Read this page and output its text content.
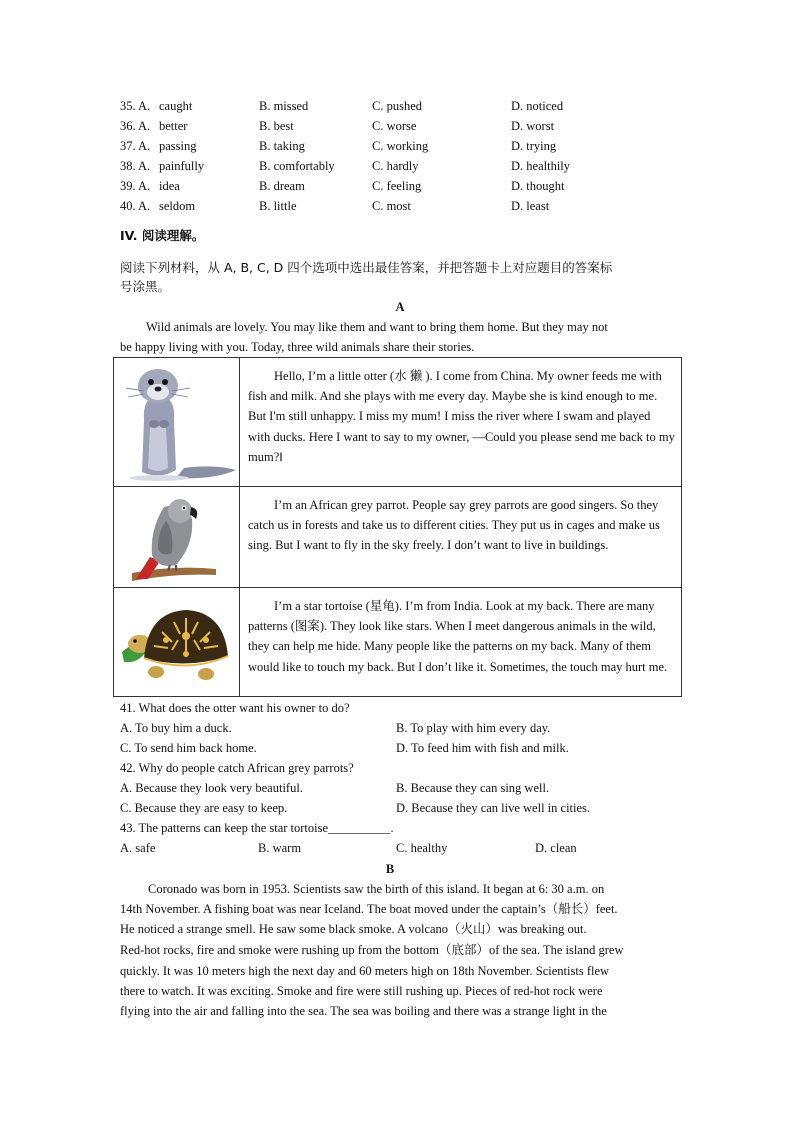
35. A. caught	B. missed	C. pushed	D. noticed
36. A. better	B. best	C. worse	D. worst
37. A. passing	B. taking	C. working	D. trying
38. A. painfully	B. comfortably	C. hardly	D. healthily
39. A. idea	B. dream	C. feeling	D. thought
40. A. seldom	B. little	C. most	D. least
IV. 阅读理解。
阅读下列材料，从 A, B, C, D 四个选项中选出最佳答案，并把答题卡上对应题目的答案标
号涂黑。
A
Wild animals are lovely. You may like them and want to bring them home. But they may not
be happy living with you. Today, three wild animals share their stories.
	Hello, I’m a little otter (水 獭 ). I come from China. My owner feeds me with fish and milk. And she plays with me every day. Maybe she is kind enough to me. But I'm still unhappy. I miss my mum! I miss the river where I swam and played with ducks. Here I want to say to my owner, ―Could you please send me back to my mum?‖

	I’m an African grey parrot. People say grey parrots are good singers. So they catch us in forests and take us to different cities. They put us in cages and make us sing. But I want to fly in the sky freely. I don’t want to live in buildings.

	I’m a star tortoise (星龟). I’m from India. Look at my back. There are many patterns (图案). They look like stars. When I meet dangerous animals in the wild, they can help me hide. Many people like the patterns on my back. Many of them would like to touch my back. But I don’t like it. Sometimes, the touch may hurt me.
41. What does the otter want his owner to do?
A. To buy him a duck.	B. To play with him every day.
C. To send him back home.	D. To feed him with fish and milk.
42. Why do people catch African grey parrots?
A. Because they look very beautiful.	B. Because they can sing well.
C. Because they are easy to keep.	D. Because they can live well in cities.
43. The patterns can keep the star tortoise__________.
A. safe	B. warm	C. healthy	D. clean
B
Coronado was born in 1953. Scientists saw the birth of this island. It began at 6: 30 a.m. on
14th November. A fishing boat was near Iceland. The boat moved under the captain’s（船长）feet.
He noticed a strange smell. He saw some black smoke. A volcano（火山）was breaking out.
Red-hot rocks, fire and smoke were rushing up from the bottom（底部）of the sea. The island grew
quickly. It was 10 meters high the next day and 60 meters high on 18th November. Scientists flew
there to watch. It was exciting. Smoke and fire were still rushing up. Pieces of red-hot rock were
flying into the air and falling into the sea. The sea was boiling and there was a strange light in the
